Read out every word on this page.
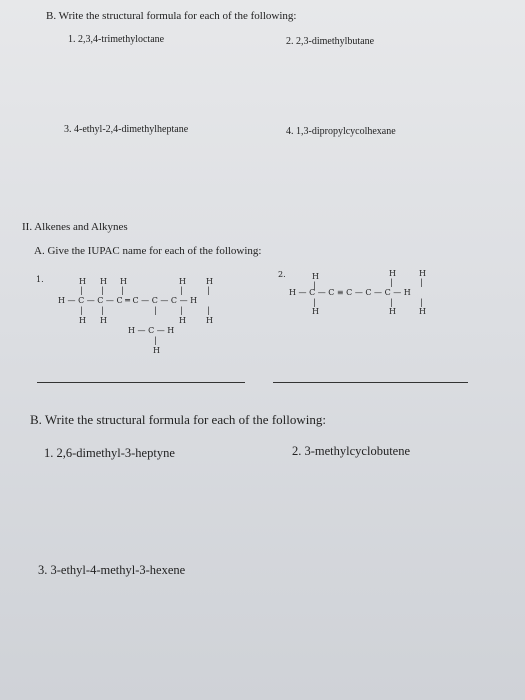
B. Write the structural formula for each of the following:
1. 2,3,4-trimethyloctane	2. 2,3-dimethylbutane
3. 4-ethyl-2,4-dimethylheptane	4. 1,3-dipropylcycolhexane
II. Alkenes and Alkynes
A. Give the IUPAC name for each of the following:
1.	H H H	H	H
| | |	|	|
H — C — C — C ═ C — C — C — H
| |	|	|	|
H H	H	H
H — C — H
|
H
2.	H	H	H
|	|	|
H — C — C ≡ C — C — C — H
|	|	|
H	H	H
B. Write the structural formula for each of the following:
1. 2,6-dimethyl-3-heptyne	2. 3-methylcyclobutene
3. 3-ethyl-4-methyl-3-hexene
